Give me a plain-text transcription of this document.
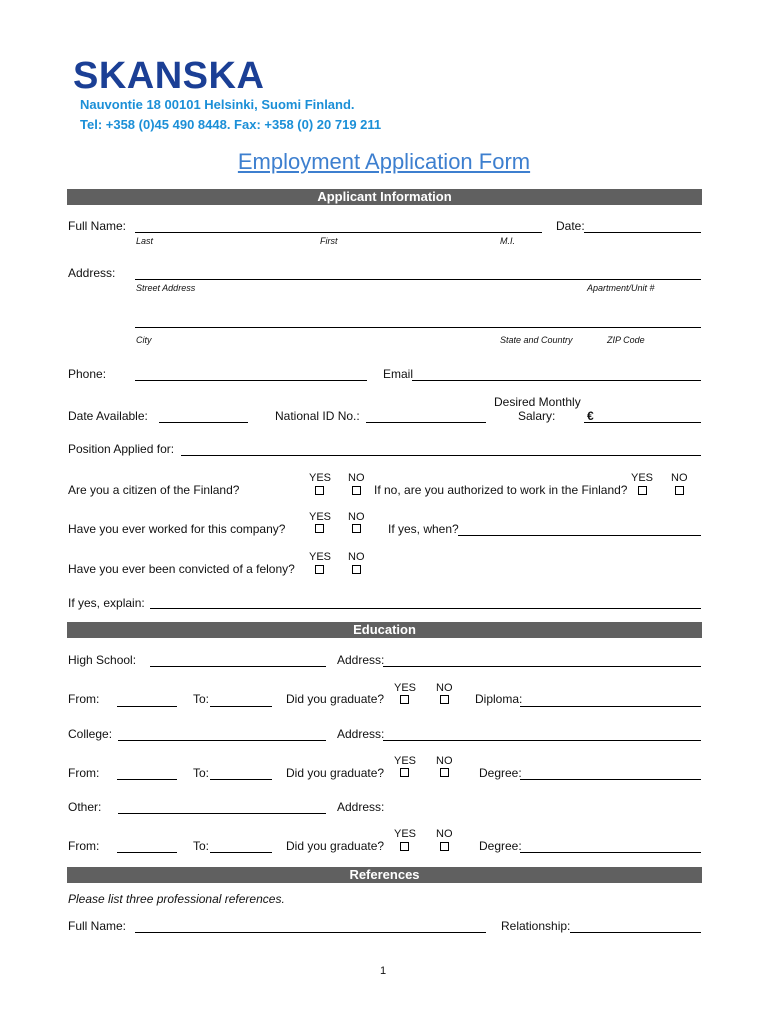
SKANSKA
Nauvontie 18 00101 Helsinki, Suomi Finland.
Tel: +358 (0)45 490 8448. Fax: +358 (0) 20 719 211
Employment Application Form
Applicant Information
Full Name:
Last	First	M.I.
Date:
Address:
Street Address	Apartment/Unit #
City	State and Country	ZIP Code
Phone:	Email
Date Available:	National ID No.:
Desired Monthly
Salary:	€
Position Applied for:
YES NO
Are you a citizen of the Finland?	If no, are you authorized to work in the Finland?
YES NO
YES NO
Have you ever worked for this company?	If yes, when?
YES NO
Have you ever been convicted of a felony?
If yes, explain:
Education
High School:	Address:
YES NO
From:	To:	Did you graduate?	Diploma:
College:	Address:
YES NO
From:	To:	Did you graduate?	Degree:
Other:	Address:
YES NO
From:	To:	Did you graduate?	Degree:
References
Please list three professional references.
Full Name:	Relationship:
1
